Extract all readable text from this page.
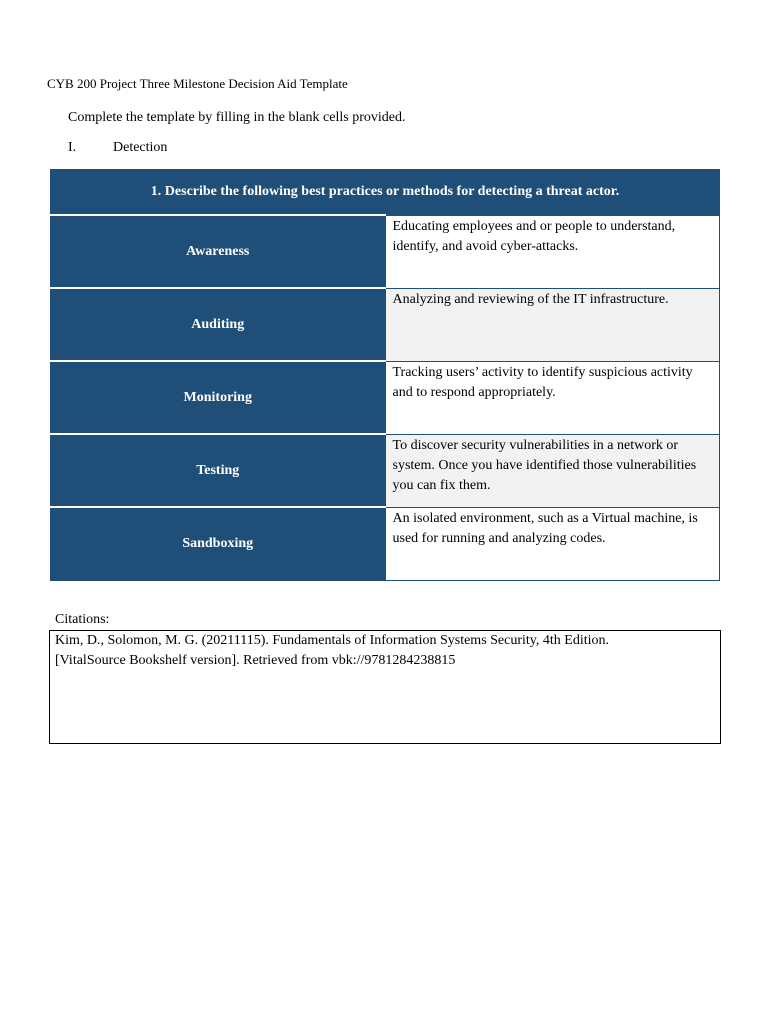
CYB 200 Project Three Milestone Decision Aid Template
Complete the template by filling in the blank cells provided.
I.	Detection
1. Describe the following best practices or methods for detecting a threat actor.	
Awareness	Educating employees and or people to understand, identify, and avoid cyber-attacks.
Auditing	Analyzing and reviewing of the IT infrastructure.
Monitoring	Tracking users’ activity to identify suspicious activity and to respond appropriately.
Testing	To discover security vulnerabilities in a network or system. Once you have identified those vulnerabilities you can fix them.
Sandboxing	An isolated environment, such as a Virtual machine, is used for running and analyzing codes.
Citations:
Kim, D., Solomon, M. G. (20211115). Fundamentals of Information Systems Security, 4th Edition.
[VitalSource Bookshelf version]. Retrieved from vbk://9781284238815
